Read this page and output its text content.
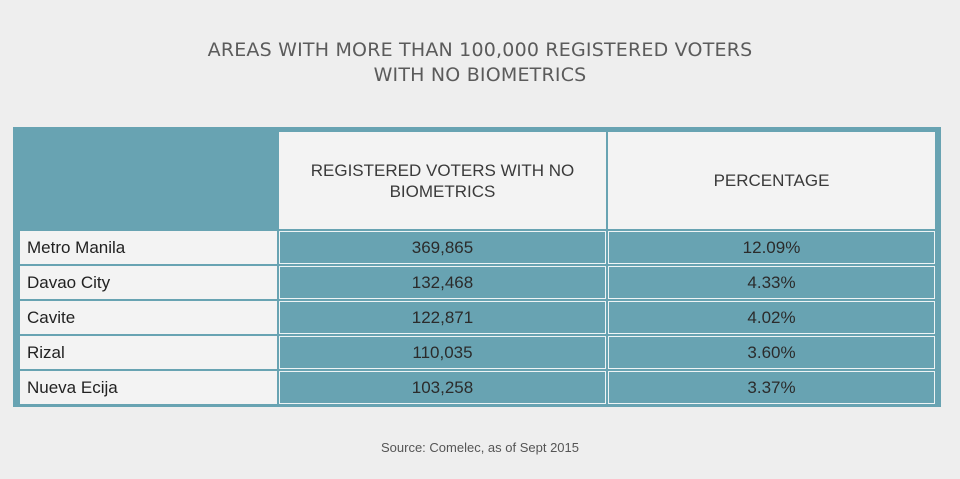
AREAS WITH MORE THAN 100,000 REGISTERED VOTERS
WITH NO BIOMETRICS
REGISTERED VOTERS WITH NO BIOMETRICS
PERCENTAGE
Metro Manila	369,865	12.09%
Davao City	132,468	4.33%
Cavite	122,871	4.02%
Rizal	110,035	3.60%
Nueva Ecija	103,258	3.37%
Source: Comelec, as of Sept 2015
